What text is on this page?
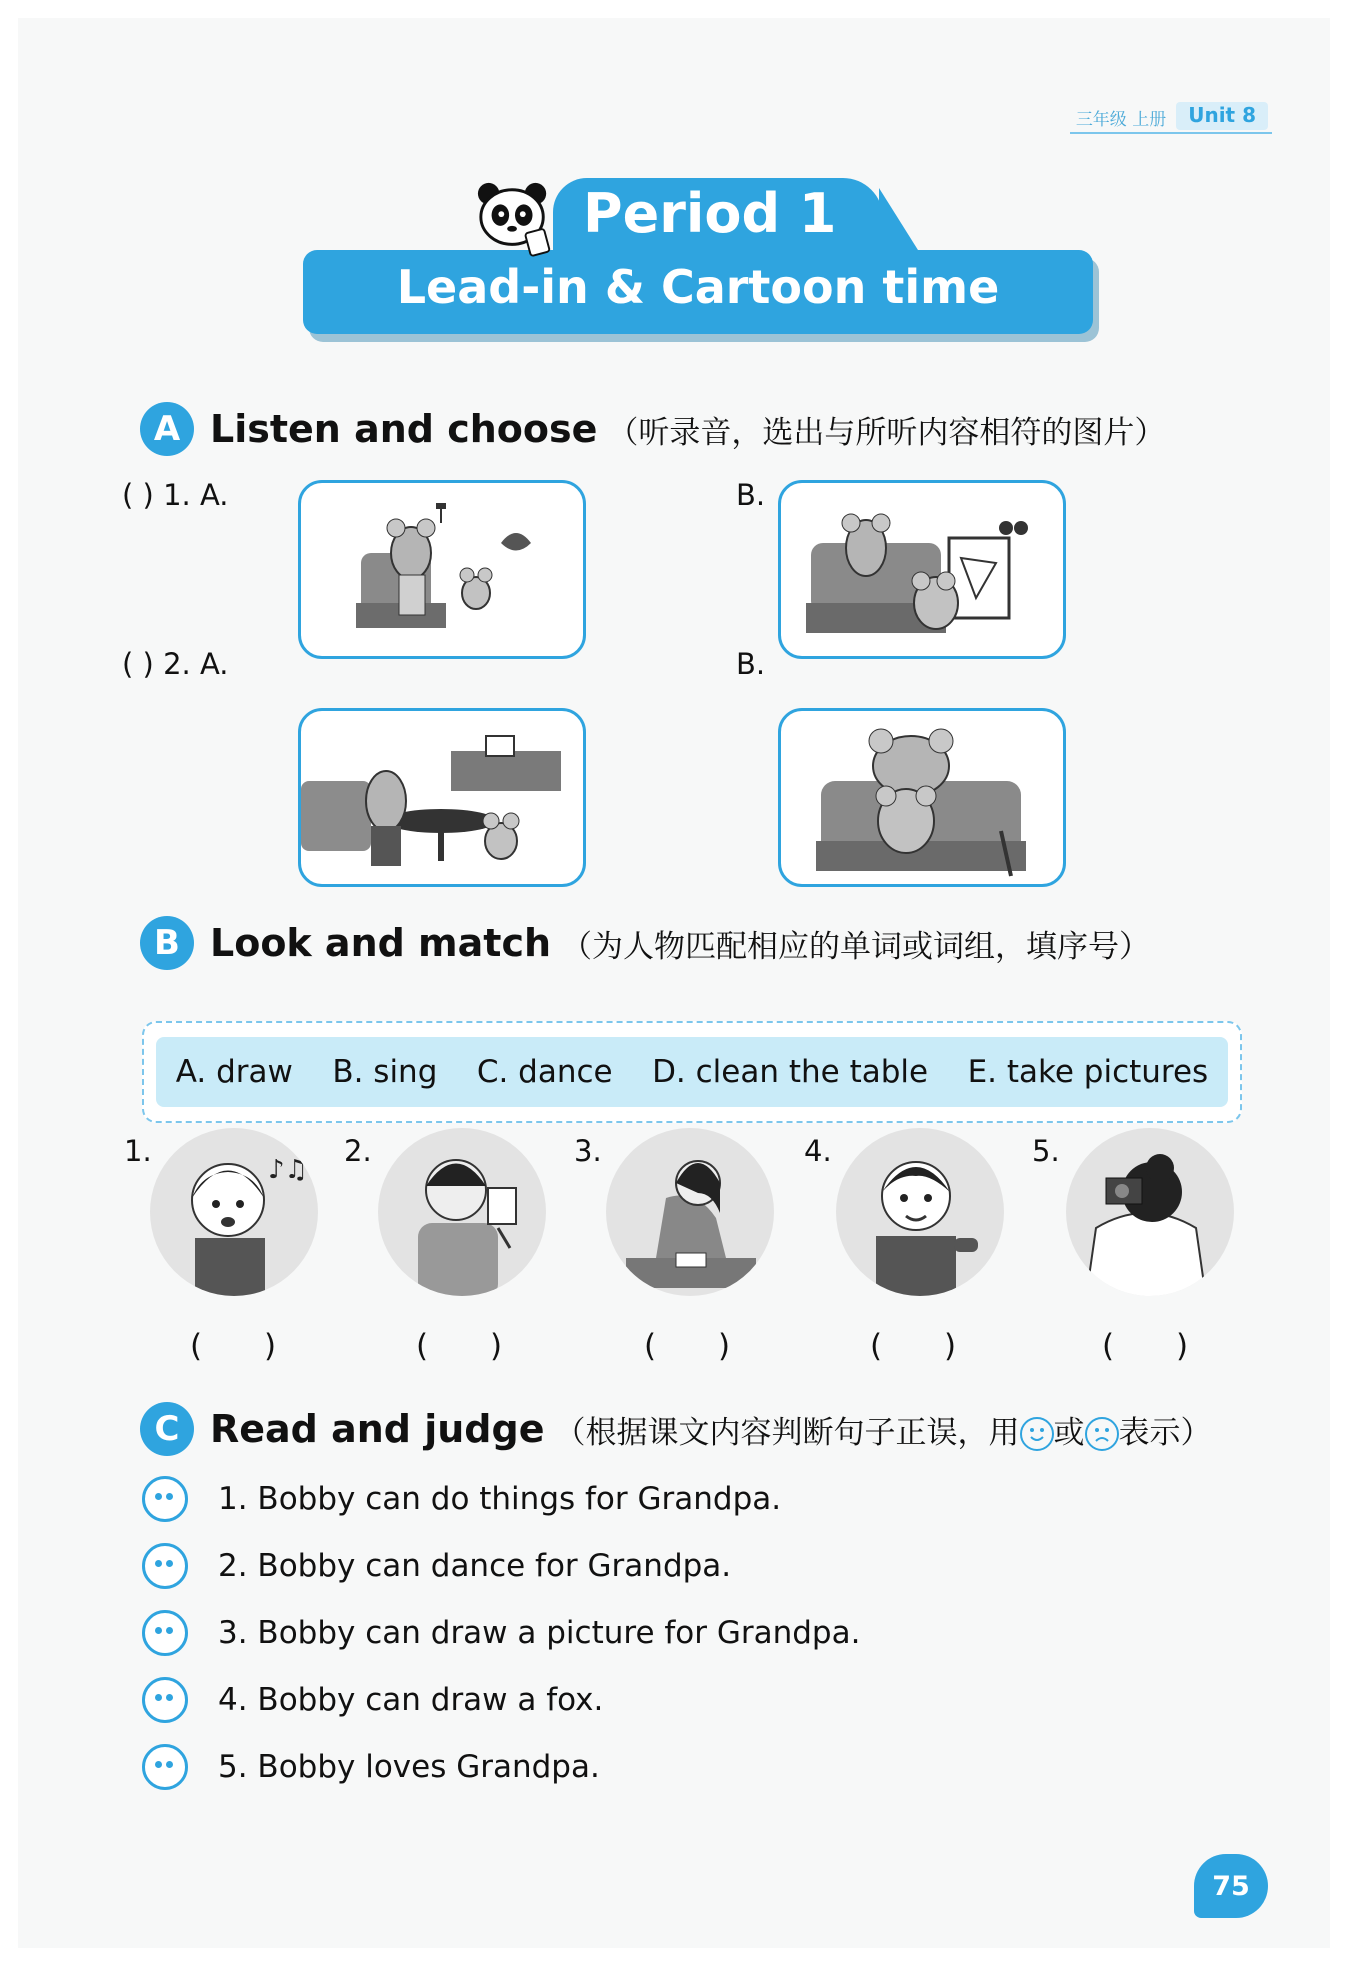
三年级 上册	Unit 8
Period 1
Lead-in & Cartoon time
A Listen and choose （听录音，选出与所听内容相符的图片）
( ) 1. A.	B.
( ) 2. A.	B.
B Look and match （为人物匹配相应的单词或词组，填序号）
A. draw B. sing C. dance D. clean the table E. take pictures
1.
♪♫
( )
2.
( )
3.
( )
4.
( )
5.
( )
C Read and judge （根据课文内容判断句子正误，用 或 表示）
1. Bobby can do things for Grandpa.
2. Bobby can dance for Grandpa.
3. Bobby can draw a picture for Grandpa.
4. Bobby can draw a fox.
5. Bobby loves Grandpa.
75
